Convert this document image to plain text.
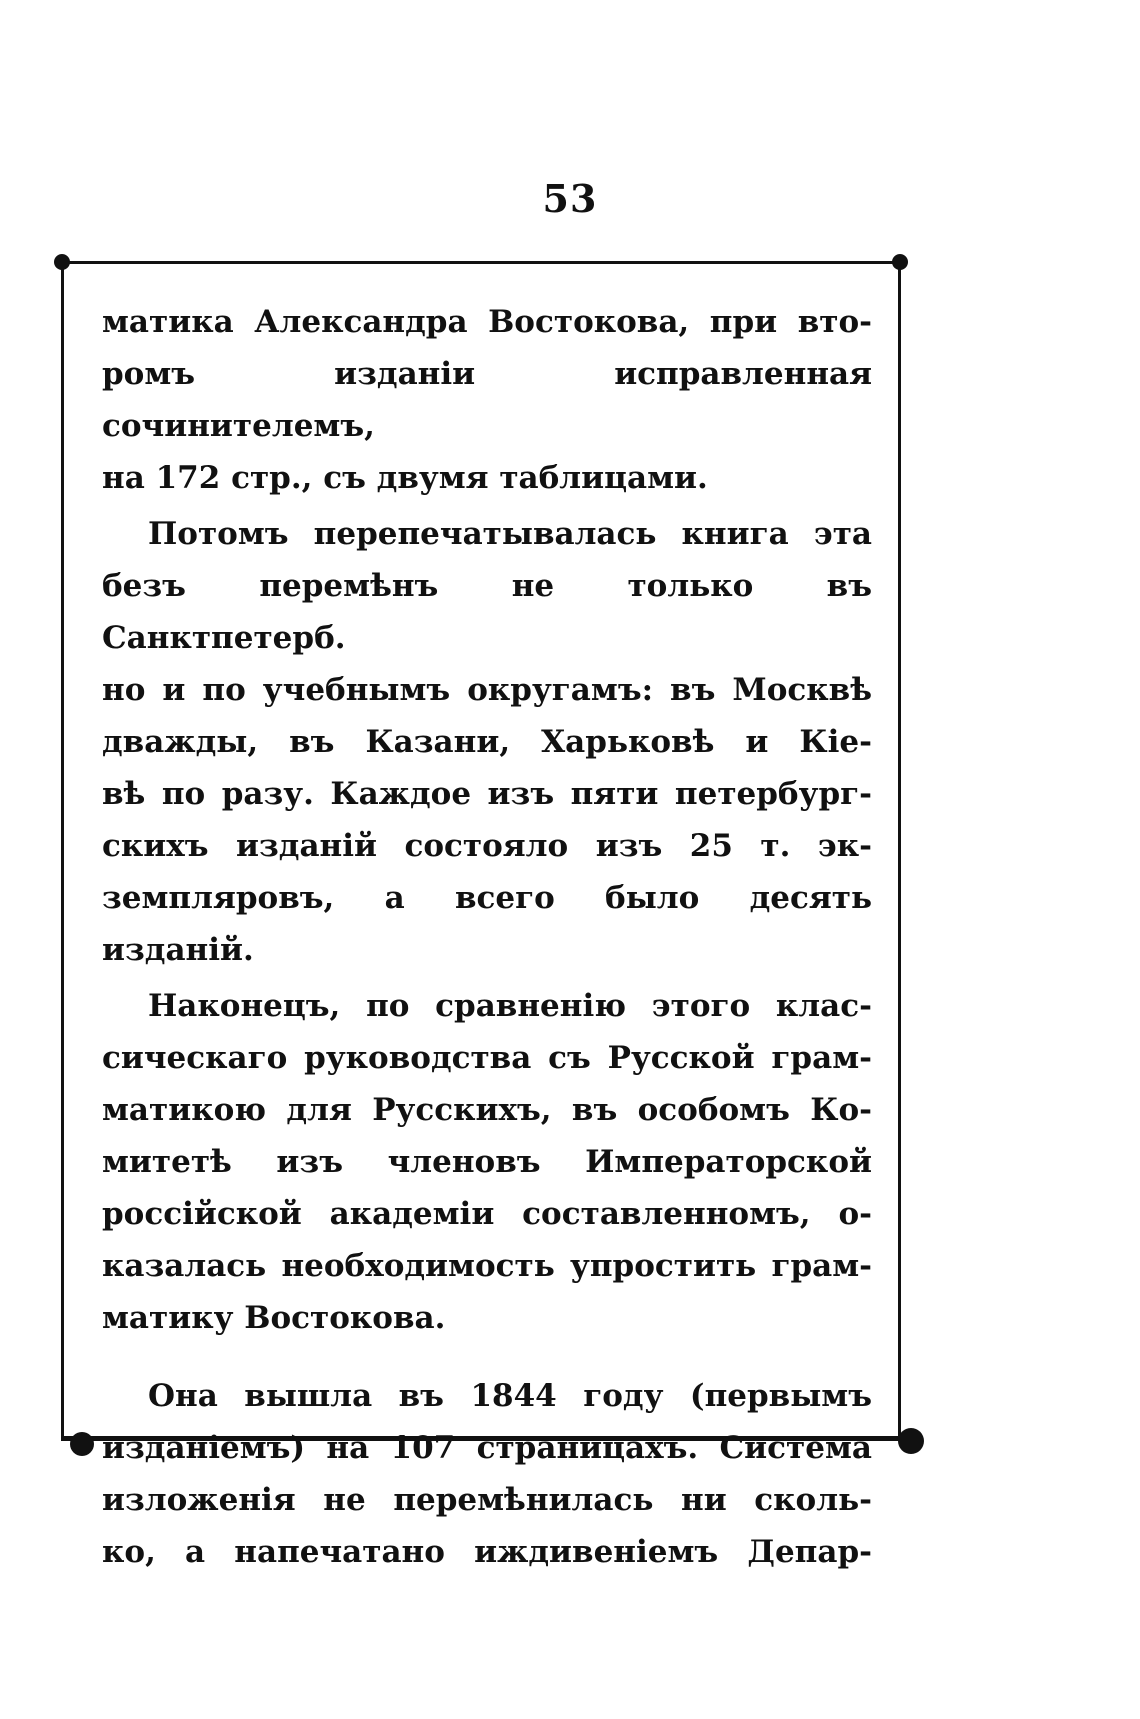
53
матика Александра Востокова, при вто-
ромъ изданіи исправленная сочинителемъ,
на 172 стр., съ двумя таблицами.
Потомъ перепечатывалась книга эта
безъ перемѣнъ не только въ Санктпетерб.
но и по учебнымъ округамъ: въ Москвѣ
дважды, въ Казани, Харьковѣ и Кіе-
вѣ по разу. Каждое изъ пяти петербург-
скихъ изданій состояло изъ 25 т. эк-
земпляровъ, а всего было десять изданій.
Наконецъ, по сравненію этого клас-
сическаго руководства съ Русской грам-
матикою для Русскихъ, въ особомъ Ко-
митетѣ изъ членовъ Императорской
россійской академіи составленномъ, о-
казалась необходимость упростить грам-
матику Востокова.
Она вышла въ 1844 году (первымъ
изданіемъ) на 107 страницахъ. Система
изложенія не перемѣнилась ни сколь-
ко, а напечатано иждивеніемъ Депар-
